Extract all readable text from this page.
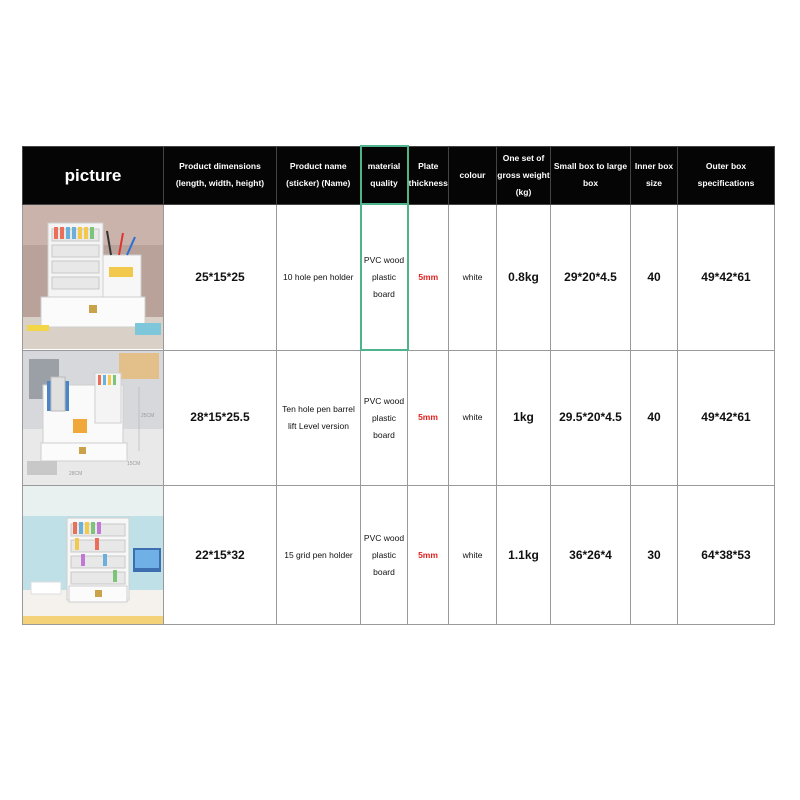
picture	Product dimensions (length, width, height)	Product name (sticker) (Name)	material quality	Plate thickness	colour	One set of gross weight (kg)	Small box to large box	Inner box size	Outer box specifications

	25*15*25	10 hole pen holder	PVC wood plastic board	5mm	white	0.8kg	29*20*4.5	40	49*42*61

25CM
28CM
15CM	28*15*25.5	Ten hole pen barrel lift Level version	PVC wood plastic board	5mm	white	1kg	29.5*20*4.5	40	49*42*61

	22*15*32	15 grid pen holder	PVC wood plastic board	5mm	white	1.1kg	36*26*4	30	64*38*53
